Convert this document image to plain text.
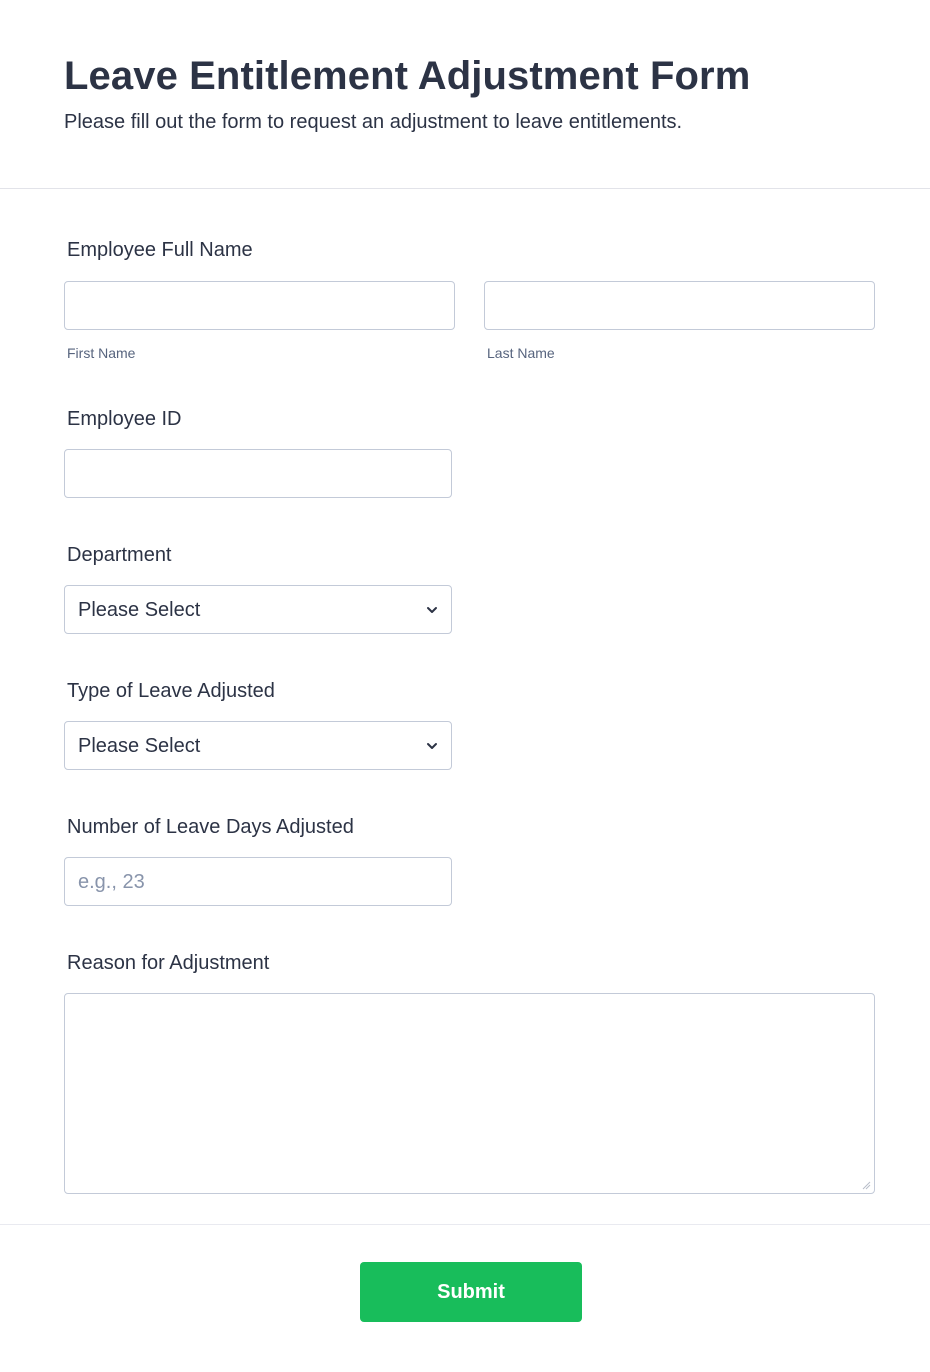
Leave Entitlement Adjustment Form

Please fill out the form to request an adjustment to leave entitlements.

Employee Full Name
First Name	Last Name
Employee ID
Department
Please Select
Type of Leave Adjusted
Please Select
Number of Leave Days Adjusted
e.g., 23
Reason for Adjustment
Submit
